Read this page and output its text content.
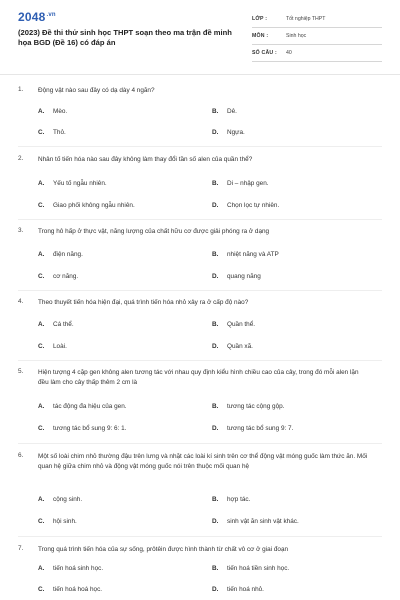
$2048^{.vn}$
(2023) Đề thi thử sinh học THPT soạn theo ma trận đề minh họa BGD (Đề 16) có đáp án
LỚP :	Tốt nghiệp THPT
MÔN :	Sinh học
SỐ CÂU : 40
1.	Động vật nào sau đây có dạ dày 4 ngăn?
A. Mèo.	B. Dê.
C. Thỏ.	D. Ngựa.
2.	Nhân tố tiến hóa nào sau đây không làm thay đổi tần số alen của quần thể?
A. Yếu tố ngẫu nhiên.	B. Di – nhập gen.
C. Giao phối không ngẫu nhiên.	D. Chọn lọc tự nhiên.
3.	Trong hô hấp ở thực vật, năng lượng của chất hữu cơ được giải phóng ra ở dạng
A. điện năng.	B. nhiệt năng và ATP
C. cơ năng.	D. quang năng
4.	Theo thuyết tiến hóa hiện đại, quá trình tiến hóa nhỏ xảy ra ở cấp độ nào?
A. Cá thể.	B. Quần thể.
C. Loài.	D. Quần xã.
5.	Hiện tượng 4 cặp gen không alen tương tác với nhau quy định kiểu hình chiều cao của cây, trong đó mỗi alen lặn đều làm cho cây thấp thêm 2 cm là
A. tác động đa hiệu của gen.	B. tương tác cộng gộp.
C. tương tác bổ sung 9: 6: 1.	D. tương tác bổ sung 9: 7.
6.	Một số loài chim nhỏ thường đậu trên lưng và nhặt các loài kí sinh trên cơ thể động vật móng guốc làm thức ăn. Mối quan hệ giữa chim nhỏ và động vật móng guốc nói trên thuộc mối quan hệ
A. cộng sinh.	B. hợp tác.
C. hội sinh.	D. sinh vật ăn sinh vật khác.
7.	Trong quá trình tiến hóa của sự sống, prôtêin được hình thành từ chất vô cơ ở giai đoạn
A. tiến hoá sinh học.	B. tiến hoá tiền sinh học.
C. tiến hoá hoá học.	D. tiến hoá nhỏ.
